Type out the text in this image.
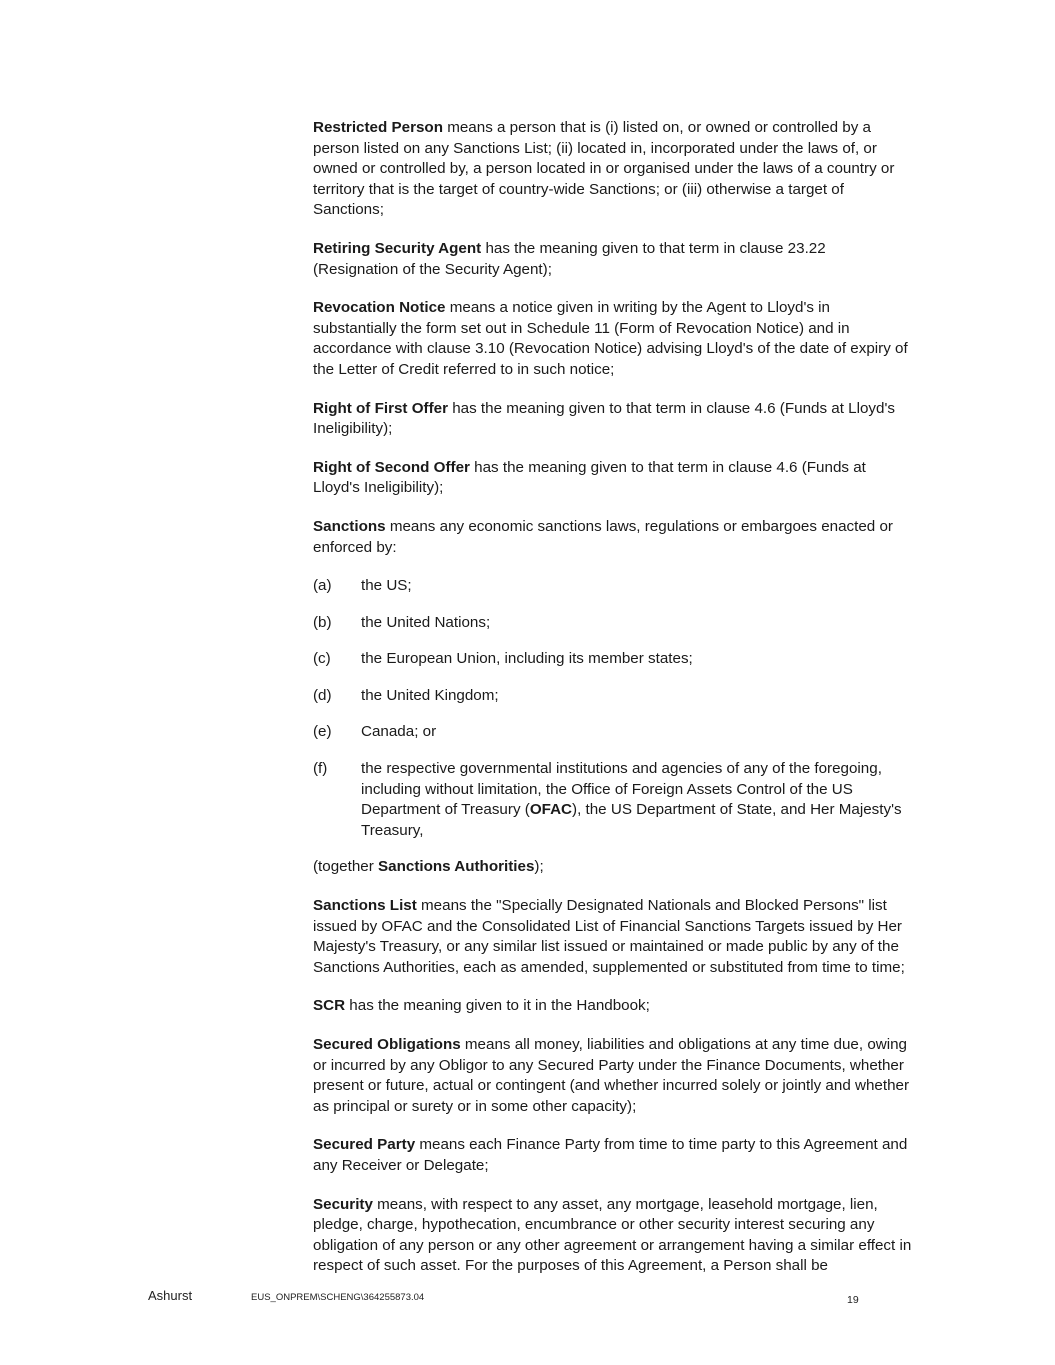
Restricted Person means a person that is (i) listed on, or owned or controlled by a person listed on any Sanctions List; (ii) located in, incorporated under the laws of, or owned or controlled by, a person located in or organised under the laws of a country or territory that is the target of country-wide Sanctions; or (iii) otherwise a target of Sanctions;

Retiring Security Agent has the meaning given to that term in clause 23.22 (Resignation of the Security Agent);

Revocation Notice means a notice given in writing by the Agent to Lloyd's in substantially the form set out in Schedule 11 (Form of Revocation Notice) and in accordance with clause 3.10 (Revocation Notice) advising Lloyd's of the date of expiry of the Letter of Credit referred to in such notice;

Right of First Offer has the meaning given to that term in clause 4.6 (Funds at Lloyd's Ineligibility);

Right of Second Offer has the meaning given to that term in clause 4.6 (Funds at Lloyd's Ineligibility);

Sanctions means any economic sanctions laws, regulations or embargoes enacted or enforced by:

(a)	the US;
(b)	the United Nations;
(c)	the European Union, including its member states;
(d)	the United Kingdom;
(e)	Canada; or
(f)	the respective governmental institutions and agencies of any of the foregoing, including without limitation, the Office of Foreign Assets Control of the US Department of Treasury (OFAC), the US Department of State, and Her Majesty's Treasury,

(together Sanctions Authorities);

Sanctions List means the "Specially Designated Nationals and Blocked Persons" list issued by OFAC and the Consolidated List of Financial Sanctions Targets issued by Her Majesty's Treasury, or any similar list issued or maintained or made public by any of the Sanctions Authorities, each as amended, supplemented or substituted from time to time;

SCR has the meaning given to it in the Handbook;

Secured Obligations means all money, liabilities and obligations at any time due, owing or incurred by any Obligor to any Secured Party under the Finance Documents, whether present or future, actual or contingent (and whether incurred solely or jointly and whether as principal or surety or in some other capacity);

Secured Party means each Finance Party from time to time party to this Agreement and any Receiver or Delegate;

Security means, with respect to any asset, any mortgage, leasehold mortgage, lien, pledge, charge, hypothecation, encumbrance or other security interest securing any obligation of any person or any other agreement or arrangement having a similar effect in respect of such asset. For the purposes of this Agreement, a Person shall be

Ashurst	EUS_ONPREM\SCHENG\364255873.04	19
